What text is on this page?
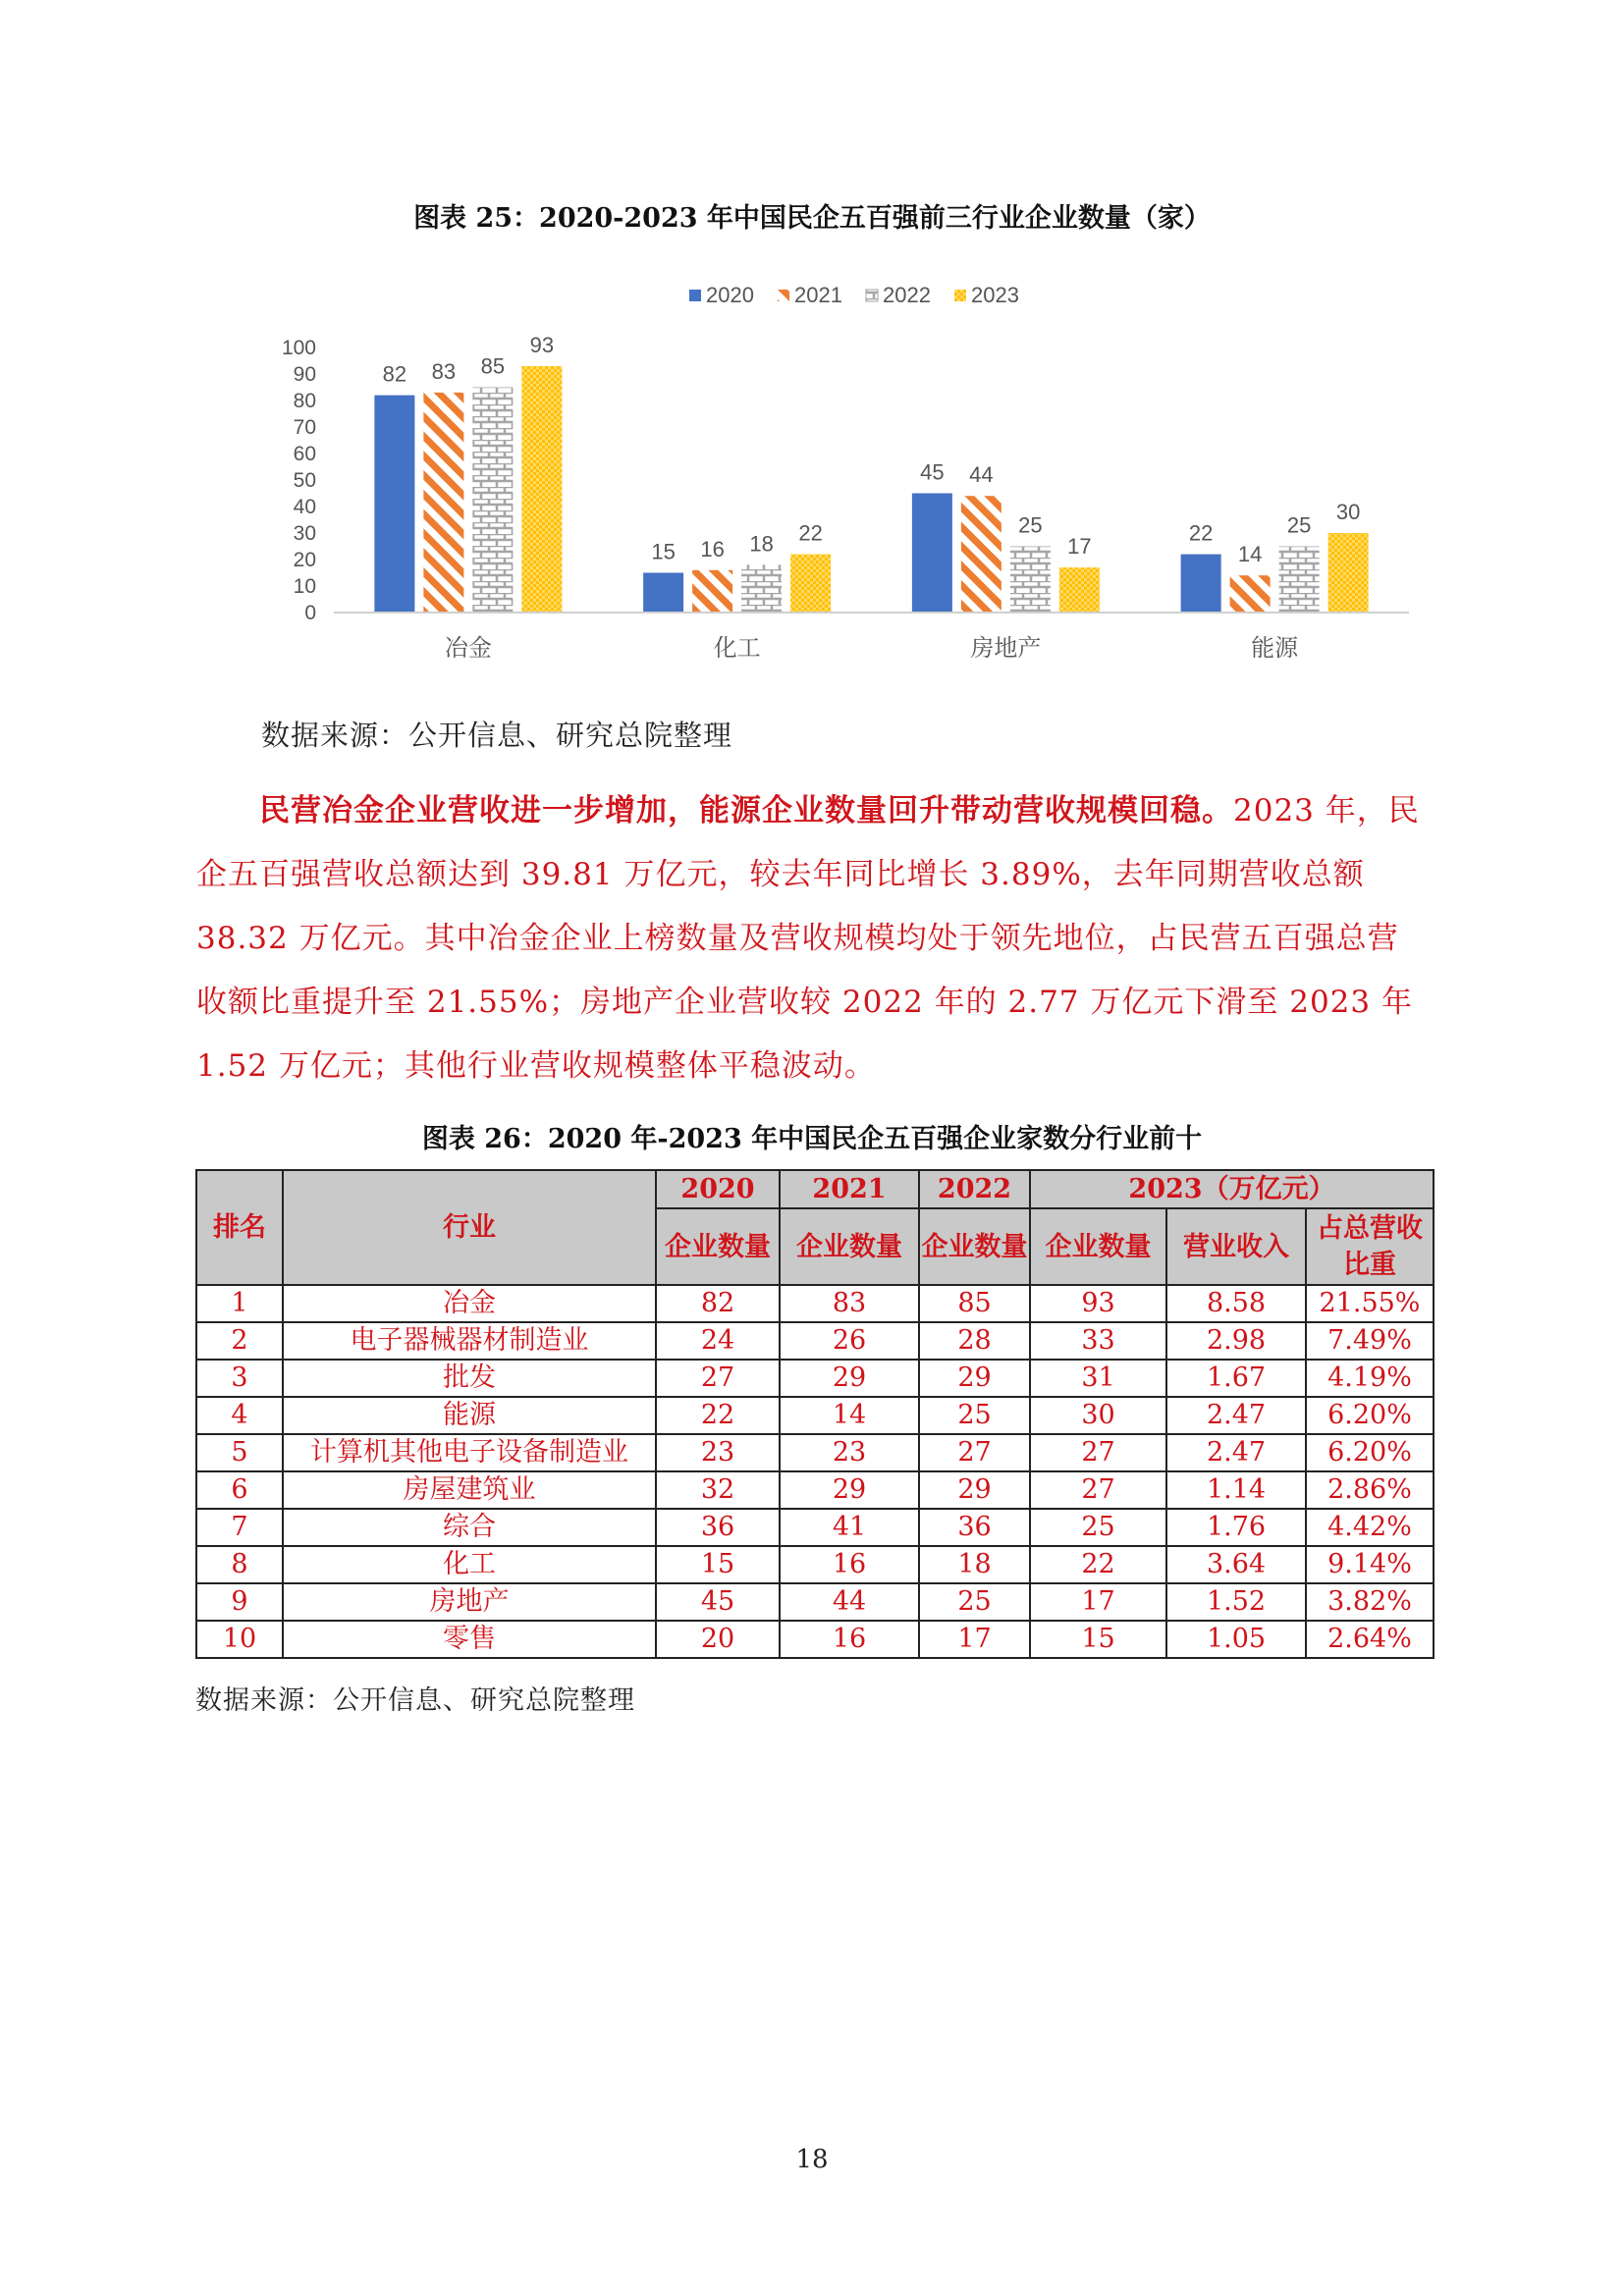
图表 25：2020-2023 年中国民企五百强前三行业企业数量（家）
2020 2021 2022 2023
0
10
20
30
40
50
60
70
80
90
100
82 83 85
93
15 16 18 22
45 44
25
17
22
14
25
30
冶金	化工	房地产	能源
数据来源：公开信息、研究总院整理
民营冶金企业营收进一步增加，能源企业数量回升带动营收规模回稳。2023 年，民企五百强营收总额达到 39.81 万亿元，较去年同比增长 3.89%，去年同期营收总额 38.32 万亿元。其中冶金企业上榜数量及营收规模均处于领先地位，占民营五百强总营收额比重提升至 21.55%；房地产企业营收较 2022 年的 2.77 万亿元下滑至 2023 年 1.52 万亿元；其他行业营收规模整体平稳波动。
图表 26：2020 年-2023 年中国民企五百强企业家数分行业前十
排名	行业	2020	2021	2022	2023（万亿元）		
		企业数量	企业数量	企业数量	企业数量	营业收入	占总营收比重
1	冶金	82	83	85	93	8.58	21.55%
2	电子器械器材制造业	24	26	28	33	2.98	7.49%
3	批发	27	29	29	31	1.67	4.19%
4	能源	22	14	25	30	2.47	6.20%
5	计算机其他电子设备制造业	23	23	27	27	2.47	6.20%
6	房屋建筑业	32	29	29	27	1.14	2.86%
7	综合	36	41	36	25	1.76	4.42%
8	化工	15	16	18	22	3.64	9.14%
9	房地产	45	44	25	17	1.52	3.82%
10	零售	20	16	17	15	1.05	2.64%
数据来源：公开信息、研究总院整理
18
